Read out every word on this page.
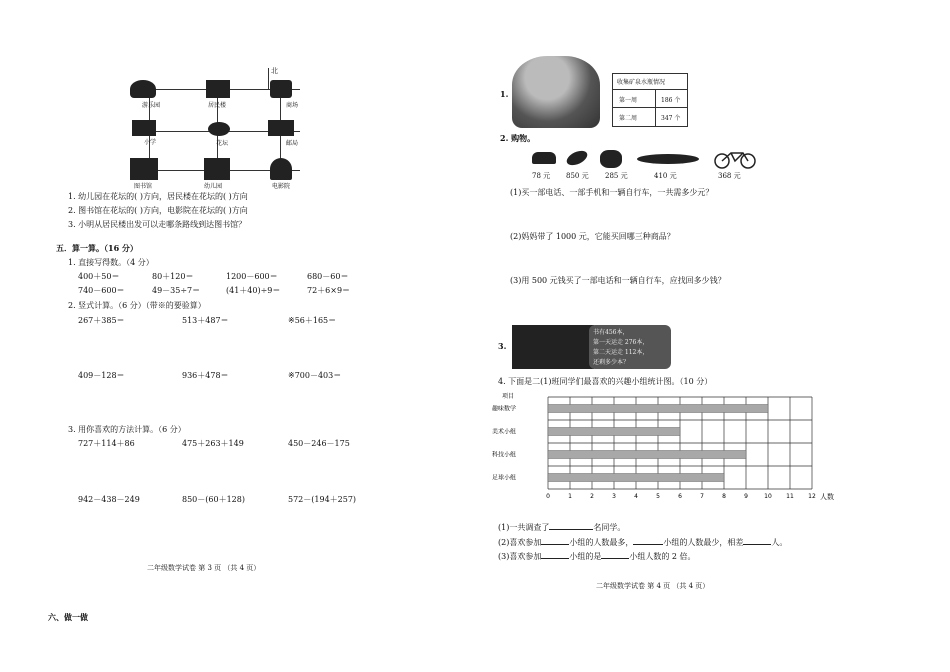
北
游乐园	居民楼	商场
小学	花坛	邮局
图书馆	幼儿园	电影院
1. 幼儿园在花坛的( )方向，居民楼在花坛的( )方向
2. 图书馆在花坛的( )方向，电影院在花坛的( )方向
3. 小明从居民楼出发可以走哪条路线到达图书馆？
五．算一算。（16 分）
1. 直接写得数。（4 分）
400＋50＝	80＋120＝	1200－600＝	680－60＝
740－600＝	49－35÷7＝	(41＋40)÷9＝	72＋6×9＝
2. 竖式计算。（6 分）（带※的要验算）
267＋385＝	513＋487＝	※56＋165＝
409－128＝	936＋478＝	※700－403＝
3. 用你喜欢的方法计算。（6 分）
727＋114＋86	475＋263＋149	450－246－175
942－438－249	850－(60＋128)	572－(194＋257)
二年级数学试卷 第 3 页 （共 4 页）
六、做一做
1.
收集矿泉水瓶情况
第一周	186 个
第二周	347 个
2. 购物。
78 元 850 元 285 元	410 元	368 元
(1)买一部电话、一部手机和一辆自行车，一共需多少元？
(2)妈妈带了 1000 元，它能买回哪三种商品？
(3)用 500 元钱买了一部电话和一辆自行车，应找回多少钱？
3.
书有456本，
第一天运走 276本，
第二天运走 112本，
还剩多少本？
4. 下面是二(1)班同学们最喜欢的兴趣小组统计图。（10 分）
项目
趣味数学
美术小组
科技小组
足球小组
0	1	2	3	4	5	6	7	8	9	10 11 12 人数
(1)一共调查了	名同学。
(2)喜欢参加	小组的人数最多，	小组的人数最少，相差	人。
(3)喜欢参加	小组的是	小组人数的 2 倍。
二年级数学试卷 第 4 页 （共 4 页）
